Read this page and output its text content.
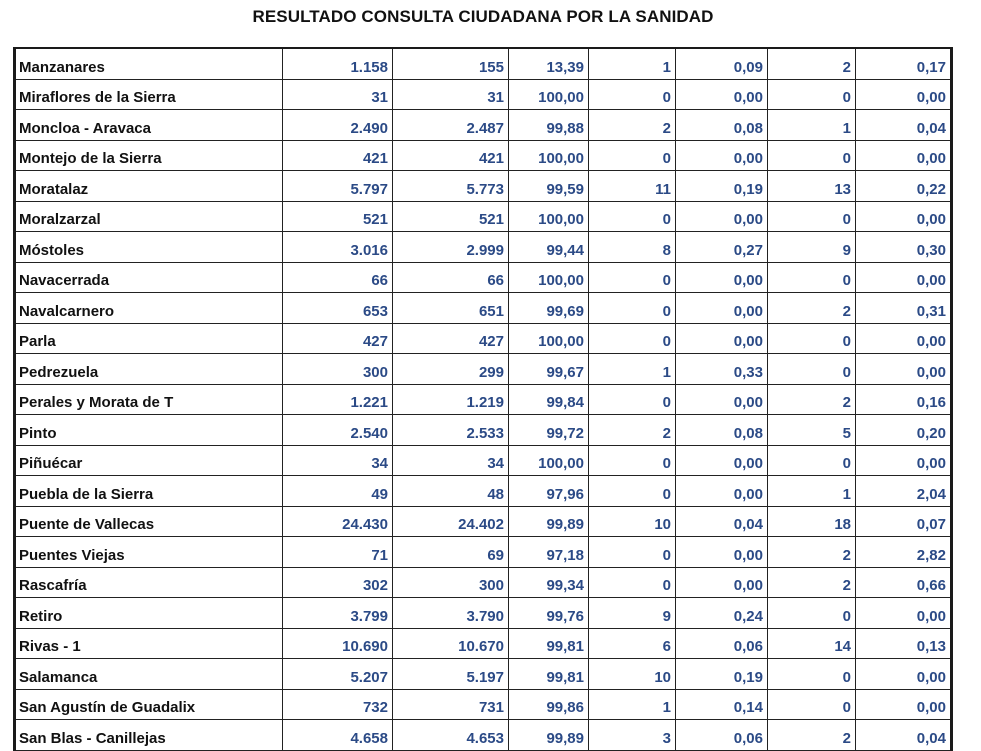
RESULTADO CONSULTA CIUDADANA POR LA SANIDAD
Manzanares	1.158	155	13,39	1	0,09	2	0,17
Miraflores de la Sierra	31	31	100,00	0	0,00	0	0,00
Moncloa - Aravaca	2.490	2.487	99,88	2	0,08	1	0,04
Montejo de la Sierra	421	421	100,00	0	0,00	0	0,00
Moratalaz	5.797	5.773	99,59	11	0,19	13	0,22
Moralzarzal	521	521	100,00	0	0,00	0	0,00
Móstoles	3.016	2.999	99,44	8	0,27	9	0,30
Navacerrada	66	66	100,00	0	0,00	0	0,00
Navalcarnero	653	651	99,69	0	0,00	2	0,31
Parla	427	427	100,00	0	0,00	0	0,00
Pedrezuela	300	299	99,67	1	0,33	0	0,00
Perales y Morata de T	1.221	1.219	99,84	0	0,00	2	0,16
Pinto	2.540	2.533	99,72	2	0,08	5	0,20
Piñuécar	34	34	100,00	0	0,00	0	0,00
Puebla de la Sierra	49	48	97,96	0	0,00	1	2,04
Puente de Vallecas	24.430	24.402	99,89	10	0,04	18	0,07
Puentes Viejas	71	69	97,18	0	0,00	2	2,82
Rascafría	302	300	99,34	0	0,00	2	0,66
Retiro	3.799	3.790	99,76	9	0,24	0	0,00
Rivas - 1	10.690	10.670	99,81	6	0,06	14	0,13
Salamanca	5.207	5.197	99,81	10	0,19	0	0,00
San Agustín de Guadalix	732	731	99,86	1	0,14	0	0,00
San Blas - Canillejas	4.658	4.653	99,89	3	0,06	2	0,04
